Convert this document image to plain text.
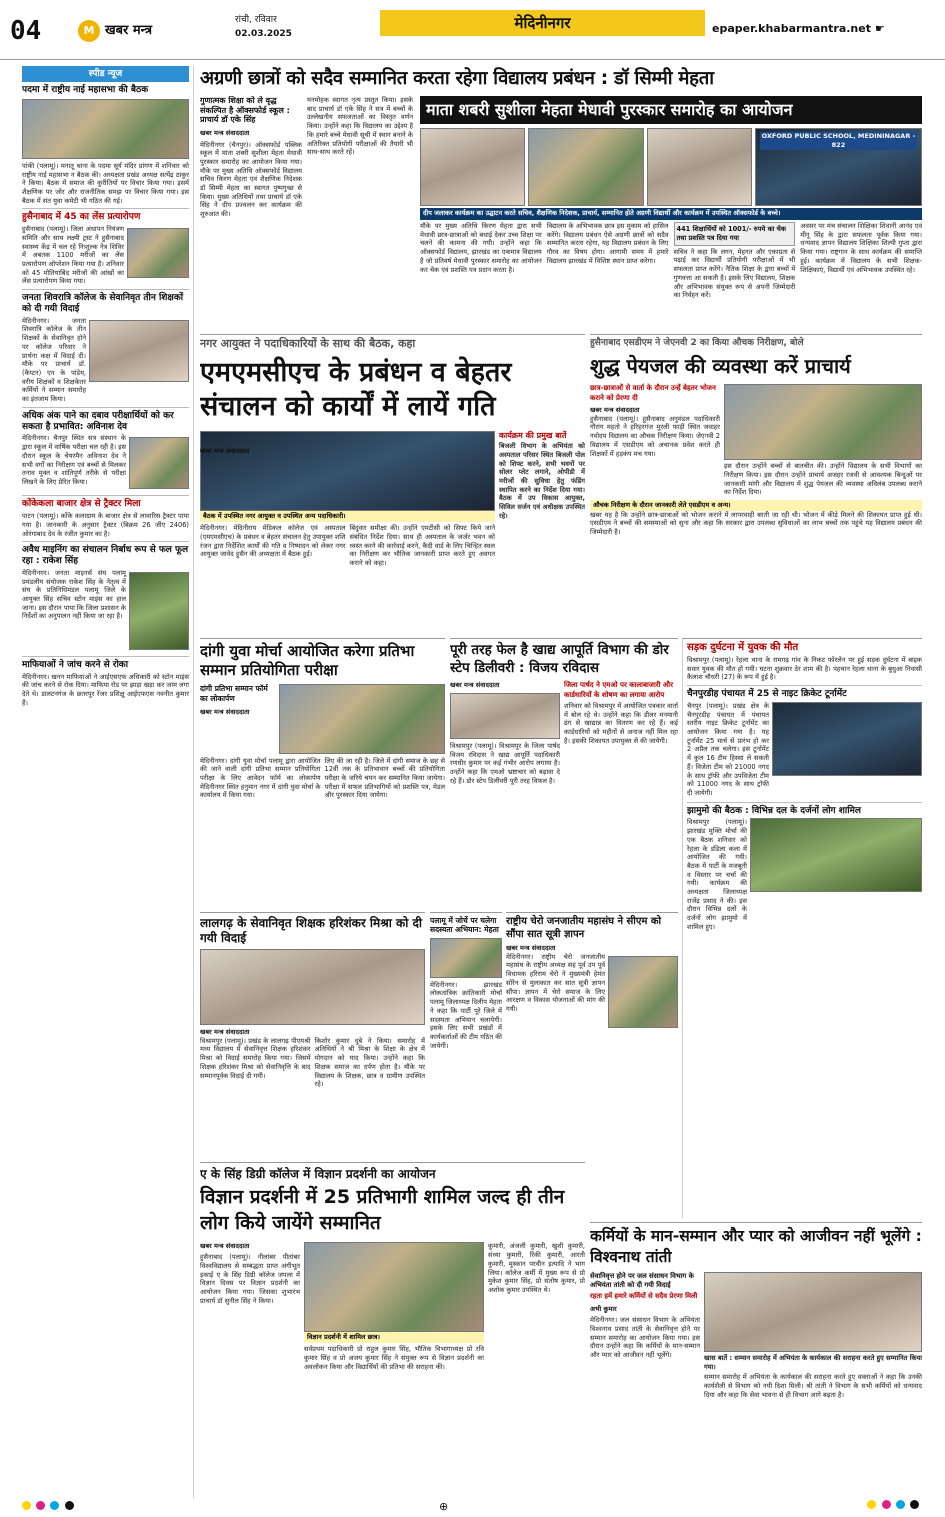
04	M खबर मन्त्र
रांची, रविवार
02.03.2025
मेदिनीनगर	epaper.khabarmantra.net ☛
स्पीड न्यूज
पदमा में राष्ट्रीय नाई महासभा की बैठक
पांकी (पलामू)। मनातू थाना के पदमा सूर्य मंदिर प्रांगण में शनिवार को राष्ट्रीय नाई महासभा न बैठक की। अध्यक्षता प्रखंड अध्यक्ष सत्येंद्र ठाकुर ने किया। बैठक में समाज की कुरीतियों पर विचार किया गया। इसमें शैक्षणिक पर जोर और राजनीतिक समझ पर विचार किया गया। इस बैठक में संत युवा कमेटी भी गठित की गई।
हुसैनाबाद में 45 का लेंस प्रत्यारोपण
हुसैनाबाद (पलामू)। जिला अंधापन नियंत्रण समिति और साथ लक्ष्मी ट्रस्ट ने हुसैनाबाद स्वास्थ्य केंद्र में चल रहे निःशुल्क नेत्र शिविर में अबतक 1100 मरीजों का लेंस प्रत्यारोपण ऑपरेशन किया गया है। शनिवार को 45 मोतियाबिंद मरीजों की आंखों का लेंस प्रत्यारोपण किया गया।
जनता शिवरात्रि कॉलेज के सेवानिवृत तीन शिक्षकों को दी गयी विदाई
मेदिनीनगर। जनता शिवरात्रि कॉलेज के तीन शिक्षकों के सेवानिवृत होने पर कॉलेज परिवार ने प्रार्थना कक्ष में विदाई दी। मौके पर प्राचार्य डॉ. (कैप्टन) एन के पांडेय, वरीय शिक्षकों व शिक्षकेतर कर्मियों ने सम्मान समारोह का इंतजाम किया।
अधिक अंक पाने का दबाव परीक्षार्थियों को कर सकता है प्रभावित: अविनाश देव
मेदिनीनगर। चैनपुर स्थित सत्र संस्थान के द्वारा स्कूल में वार्षिक परीक्षा चल रही है। इस दौरान स्कूल के चेयरमैन अविनाश देव ने सभी वर्गों का निरीक्षण एवं बच्चों से मिलकर तनाव मुक्त व शांतिपूर्ण तरीके से परीक्षा लिखने के लिए प्रेरित किया।
कोंकेकला बाजार क्षेत्र से ट्रैक्टर मिला
पाटन (पलामू)। कोंके कलाग्राम के बाजार क्षेत्र से लावारिस ट्रैक्टर पाया गया है। जानकारी के अनुसार ट्रैक्टर (बिक्रम 26 जीए 2406) ओरंगाबाद देव के रंजीत कुमार का है।
अवैध माइनिंग का संचालन निर्बाध रूप से फल फूल रहा : राकेश सिंह
मेदिनीनगर। जनता माइनर्स संघ पलामू प्रमंडलीय संयोजक राकेश सिंह के नेतृत्व में संघ के प्रतिनिधिमंडल पलामू जिले के आयुक्त सिंह सचिव स्टोन माइंस का हाल जाना। इस दौरान पाया कि जिला प्रशासन के निर्देशों का अनुपालन नहीं किया जा रहा है।
माफियाओं ने जांच करने से रोका
मेदिनीनगर। खनन माफियाओं ने आईएसएफ अधिकारी को स्टोन माइंस की जांच करने से रोक दिया। माफिया रोड पर झाड़ा खड़ा कर जाम लगा देते थे। डालटनगंज के छतरपुर रेंजर प्रशिक्षु आईएफएस नवनीत कुमार हैं।
अग्रणी छात्रों को सदैव सम्मानित करता रहेगा विद्यालय प्रबंधन : डॉ सिम्मी मेहता
माता शबरी सुशीला मेहता मेधावी पुरस्कार समारोह का आयोजन
गुणात्मक शिक्षा को ले वृद्ध संकल्पित है ऑक्सफोर्ड स्कूल : प्राचार्य डॉ एके सिंह
खबर मन्त्र संवाददाता
मेदिनीनगर (चैनपुर)। ऑक्सफोर्ड पब्लिक स्कूल में माता शबरी सुशीला मेहता मेधावी पुरस्कार समारोह का आयोजन किया गया। मौके पर मुख्य अतिथि ऑक्सफोर्ड विद्यालय सचिव किरण मेहता एवं शैक्षणिक निदेशक डॉ सिम्मी मेहता का स्वागत पुष्पगुच्छ से किया। मुख्य अतिथियों तथा प्राचार्य डॉ एके सिंह ने दीप प्रज्वलन कर कार्यक्रम की शुरुआत की।
मनमोहक स्वागत नृत्य प्रस्तुत किया। इसके बाद प्राचार्य डॉ एके सिंह ने सत्र में बच्चों के उल्लेखनीय सफलताओं का विस्तृत वर्णन किया। उन्होंने कहा कि विद्यालय का उद्देश्य है कि हमारे बच्चे मेधावी सूची में स्थान बनाने के अतिरिक्त प्रतियोगी परीक्षाओं की तैयारी भी साथ-साथ करते रहें।
OXFORD PUBLIC SCHOOL, MEDININAGAR - 822
दीप जलाकर कार्यक्रम का उद्घाटन करते सचिव, शैक्षणिक निदेशक, प्राचार्य, सम्मानित होते अग्रणी विद्यार्थी और कार्यक्रम में उपस्थित ऑक्सफोर्ड के बच्चे।
मौके पर मुख्य अतिथि किरण मेहता द्वारा सभी मेधावी छात्र-छात्राओं को बधाई देकर उच्च शिक्षा पर चलने की कामना की गयी। उन्होंने कहा कि ऑक्सफोर्ड विद्यालय, झारखंड का एकमात्र विद्यालय है जो प्रतिवर्ष मेधावी पुरस्कार समारोह का आयोजन कर चेक एवं प्रशस्ति पत्र प्रदान करता है।
विद्यालय के अभिभावक छात्र इस मुकाम को हासिल करेंगे। विद्यालय प्रबंधन ऐसे अग्रणी छात्रों को सदैव सम्मानित करता रहेगा, यह विद्यालय प्रबंधन के लिए गौरव का विषय होगा। आगामी समय में हमारे विद्यालय झारखंड में विशिष्ट स्थान प्राप्त करेगा।
441 शिक्षार्थियों को 1001/- रुपये का चेक तथा प्रशस्ति पत्र दिया गया
सचिव ने कहा कि लगन, मेहनत और एकाग्रता से पढ़ाई कर विद्यार्थी प्रतियोगी परीक्षाओं में भी सफलता प्राप्त करेंगे। नैतिक शिक्षा के द्वारा बच्चों में गुणवत्ता आ सकती है। इसके लिए विद्यालय, शिक्षक और अभिभावक संयुक्त रूप से अपनी जिम्मेदारी का निर्वहन करें।
अवसर पर मंच संचालन शिक्षिका शिवानी आनंद एवं मीनू सिंह के द्वारा सफलता पूर्वक किया गया। धन्यवाद ज्ञापन विद्यालय शिक्षिका शिल्पी गुप्ता द्वारा किया गया। राष्ट्रगान के साथ कार्यक्रम की समाप्ति हुई। कार्यक्रम में विद्यालय के सभी शिक्षक-शिक्षिकाएं, विद्यार्थी एवं अभिभावक उपस्थित रहे।
नगर आयुक्त ने पदाधिकारियों के साथ की बैठक, कहा
एमएमसीएच के प्रबंधन व बेहतर संचालन को कार्यों में लायें गति
बैठक में उपस्थित नगर आयुक्त व उपस्थित अन्य पदाधिकारी।
मेदिनीनगर। मेदिनीराय मेडिकल कॉलेज एवं अस्पताल (एमएमसीएच) के प्रबंधन व बेहतर संचालन हेतु उपायुक्त शशि रंजन द्वारा निर्देशित कार्यों की गति व निष्पादन को लेकर नगर आयुक्त जावेद हुसैन की अध्यक्षता में बैठक हुई।
बिंदुवार समीक्षा की। उन्होंने एमटीसी को सिफ्ट किये जाने संबंधित निर्देश दिया। साथ ही अस्पताल के जर्जर भवन को ध्वस्त करने की कार्रवाई करने, कैदी वार्ड के लिए चिन्हित स्थल का निरीक्षण कर भौतिक जानकारी प्राप्त करते हुए अवगत कराने को कहा।
कार्यक्रम की प्रमुख बातें
बिजली विभाग के अभियंता को अस्पताल परिसर स्थित बिजली पोल को शिफ्ट करने, सभी भवनों पर सोलर प्लेट लगाने, ओपीडी में मरीजों की सुविधा हेतु फंडिंग स्थापित करने का निर्देश दिया गया। बैठक में उप विकास आयुक्त, सिविल सर्जन एवं अधीक्षक उपस्थित रहे।
खबर मन्त्र संवाददाता
हुसैनाबाद एसडीएम ने जेएनवी 2 का किया औचक निरीक्षण, बोले
शुद्ध पेयजल की व्यवस्था करें प्राचार्य
छात्र-छात्राओं से वार्ता के दौरान उन्हें बेहतर भोजन कराने को प्रेरणा दी
खबर मन्त्र संवाददाता
हुसैनाबाद (पलामू)। हुसैनाबाद अनुमंडल पदाधिकारी गौरांग महतो ने हरिहरगंज मुरली फाड़ी स्थित जवाहर नवोदय विद्यालय का औचक निरीक्षण किया। जेएनवी 2 विद्यालय में एसडीएम को अचानक प्रवेश करते ही शिक्षकों में हड़कंप मच गया।
इस दौरान उन्होंने बच्चों से बातचीत की। उन्होंने विद्यालय के सभी विभागों का निरीक्षण किया। इस दौरान उन्होंने प्राचार्य अजहर रजवी से आवश्यक बिन्दुओं पर जानकारी मांगी और विद्यालय में शुद्ध पेयजल की व्यवस्था अविलंब उपलब्ध कराने का निर्देश दिया।
औचक निरीक्षण के दौरान जानकारी लेते एसडीएम व अन्य।
खबर यह है कि उन्होंने छात्र-छात्राओं को भोजन कराने में लापरवाही बरती जा रही थी। भोजन में कीड़े मिलने की शिकायत प्राप्त हुई थी। एसडीएम ने बच्चों की समस्याओं को सुना और कहा कि सरकार द्वारा उपलब्ध सुविधाओं का लाभ बच्चों तक पहुंचे यह विद्यालय प्रबंधन की जिम्मेदारी है।
दांगी युवा मोर्चा आयोजित करेगा प्रतिभा सम्मान प्रतियोगिता परीक्षा
दांगी प्रतिभा सम्मान फॉर्म का लोकार्पण
खबर मन्त्र संवाददाता
मेदिनीनगर। दांगी युवा मोर्चा पलामू द्वारा आयोजित की जाने वाली दांगी प्रतिभा सम्मान प्रतियोगिता परीक्षा के लिए आवेदन फॉर्म का लोकार्पण मेदिनीनगर स्थित हनुमान नगर में दांगी युवा मोर्चा के कार्यालय में किया गया।
लिए की जा रही है। जिले में दांगी समाज के छह से 12वीं तक के प्रतिभावान बच्चों की प्रतियोगिता परीक्षा के जरिये चयन कर सम्मानित किया जायेगा। परीक्षा में सफल प्रतिभागियों को प्रशस्ति पत्र, मेडल और पुरस्कार दिया जायेगा।
पूरी तरह फेल है खाद्य आपूर्ति विभाग की डोर स्टेप डिलीवरी : विजय रविदास
खबर मन्त्र संवाददाता
विश्रामपुर (पलामू)। विश्रामपुर के जिला पार्षद विजय रविदास ने खाद्य आपूर्ति पदाधिकारी रणधीर कुमार पर कई गंभीर आरोप लगाया है। उन्होंने कहा कि एमओ भ्रष्टाचार को बढ़ावा दे रहे हैं। डोर स्टेप डिलीवरी पूरी तरह विफल है।
जिला पार्षद ने एमओ पर कालाबाजारी और कार्डधारियों के शोषण का लगाया आरोप
शनिवार को विश्रामपुर में आयोजित पत्रकार वार्ता में बोल रहे थे। उन्होंने कहा कि डीलर मनमानी ढंग से खाद्यान्न का वितरण कर रहे हैं। कई कार्डधारियों को महीनों से अनाज नहीं मिल रहा है। इसकी शिकायत उपायुक्त से की जायेगी।
सड़क दुर्घटना में युवक की मौत
विश्रामपुर (पलामू)। रेहला थाना के रामगढ़ गांव के निकट फोरलेन पर हुई सड़क दुर्घटना में बाइक सवार युवक की मौत हो गयी। घटना शुक्रवार देर शाम की है। पहचान रेहला थाना के बुधुआ निवासी कैलाश चौधरी (27) के रूप में हुई है।
चैनपुरडीह पंचायत में 25 से नाइट क्रिकेट टूर्नामेंट
चैनपुर (पलामू)। प्रखंड क्षेत्र के चैनपुरडीह पंचायत में पंचायत स्तरीय नाइट क्रिकेट टूर्नामेंट का आयोजन किया गया है। यह टूर्नामेंट 25 मार्च से प्रारंभ हो कर 2 अप्रैल तक चलेगा। इस टूर्नामेंट में कुल 16 टीम हिस्सा ले सकती हैं। विजेता टीम को 21000 नगद के साथ ट्रॉफी और उपविजेता टीम को 11000 नगद के साथ ट्रॉफी दी जायेगी।
झामुमो की बैठक : विभिन्न दल के दर्जनों लोग शामिल
विश्रामपुर (पलामू)। झारखंड मुक्ति मोर्चा की एक बैठक शनिवार को रेहला के डंडिला कला में आयोजित की गयी। बैठक में पार्टी के मजबूती व विस्तार पर चर्चा की गयी। कार्यक्रम की अध्यक्षता जिलाध्यक्ष राजेंद्र प्रसाद ने की। इस दौरान विभिन्न दलों के दर्जनों लोग झामुमो में शामिल हुए।
लालगढ़ के सेवानिवृत शिक्षक हरिशंकर मिश्रा को दी गयी विदाई
खबर मन्त्र संवाददाता
विश्रामपुर (पलामू)। प्रखंड के लालगढ़ पीएमश्री मध्य विद्यालय में सेवानिवृत्त शिक्षक हरिशंकर मिश्रा को विदाई समारोह किया गया। जिसमें शिक्षक हरिशंकर मिश्रा को सेवानिवृत्ति के बाद सम्मानपूर्वक विदाई दी गयी।
किशोर कुमार दुबे ने किया। समारोह में अतिथियों ने श्री मिश्रा के शिक्षा के क्षेत्र में योगदान को याद किया। उन्होंने कहा कि शिक्षक समाज का दर्पण होता है। मौके पर विद्यालय के शिक्षक, छात्र व ग्रामीण उपस्थित रहे।
पलामू में जोर्चे पर चलेगा सदस्यता अभियान: मेहता
मेदिनीनगर। झारखंड लोकतांत्रिक क्रांतिकारी मोर्चा पलामू जिलाध्यक्ष दिलीप मेहता ने कहा कि पार्टी पूरे जिले में सदस्यता अभियान चलायेगी। इसके लिए सभी प्रखंडों में कार्यकर्ताओं की टीम गठित की जायेगी।
राष्ट्रीय चेरो जनजातीय महासंघ ने सीएम को सौंपा सात सूत्री ज्ञापन
खबर मन्त्र संवाददाता
मेदिनीनगर। राष्ट्रीय चेरो जनजातीय महासंघ के राष्ट्रीय अध्यक्ष सह पूर्व उप पूर्व विधायक हरिराम चेरो ने मुख्यमंत्री हेमंत सोरेन से मुलाकात कर सात सूत्री ज्ञापन सौंपा। ज्ञापन में चेरो समाज के लिए आरक्षण व विकास योजनाओं की मांग की गयी।
ए के सिंह डिग्री कॉलेज में विज्ञान प्रदर्शनी का आयोजन
विज्ञान प्रदर्शनी में 25 प्रतिभागी शामिल जल्द ही तीन लोग किये जायेंगे सम्मानित
खबर मन्त्र संवाददाता
हुसैनाबाद (पलामू)। नीलांबर पीतांबर विश्वविद्यालय से सम्बद्धता प्राप्त अंगीभूत इकाई ए के सिंह डिग्री कॉलेज जपला में विज्ञान दिवस पर विज्ञान प्रदर्शनी का आयोजन किया गया। जिसका शुभारंभ प्राचार्य डॉ सुनील सिंह ने किया।
विज्ञान प्रदर्शनी में शामिल छात्र।
सर्वप्रथम पदाधिकारी प्रो राहुल कुमार सिंह, भौतिक विभागाध्यक्ष प्रो रवि कुमार सिंह व प्रो अजय कुमार सिंह ने संयुक्त रूप से विज्ञान प्रदर्शनी का अवलोकन किया और विद्यार्थियों की प्रतिभा की सराहना की।
कुमारी, अंजली कुमारी, खुशी कुमारी, संध्या कुमारी, रिंकी कुमारी, आरती कुमारी, मुस्कान परवीन इत्यादि ने भाग लिया। कॉलेज कर्मी में मुख्य रूप से प्रो मुकेश कुमार सिंह, प्रो संतोष कुमार, प्रो अशोक कुमार उपस्थित थे।
कर्मियों के मान-सम्मान और प्यार को आजीवन नहीं भूलेंगे : विश्वनाथ तांती
सेवानिवृत्त होने पर जल संसाधन विभाग के अभियंता तांती को दी गयी विदाई
रहता हमें हमारे कर्मियों से सदैव प्रेरणा मिली
अभी कुमार
मेदिनीनगर। जल संसाधन विभाग के अभियंता विश्वनाथ प्रसाद तांती के सेवानिवृत्त होने पर सम्मान समारोह का आयोजन किया गया। इस दौरान उन्होंने कहा कि कर्मियों के मान-सम्मान और प्यार को आजीवन नहीं भूलेंगे।	खास बातें : सम्मान समारोह में अभियंता के कार्यकाल की सराहना करते हुए सम्मानित किया गया।
सम्मान समारोह में अभियंता के कार्यकाल की सराहना करते हुए वक्ताओं ने कहा कि उनकी कार्यशैली से विभाग को नयी दिशा मिली। श्री तांती ने विभाग के सभी कर्मियों को धन्यवाद दिया और कहा कि सेवा भावना से ही विभाग आगे बढ़ता है।
⊕
